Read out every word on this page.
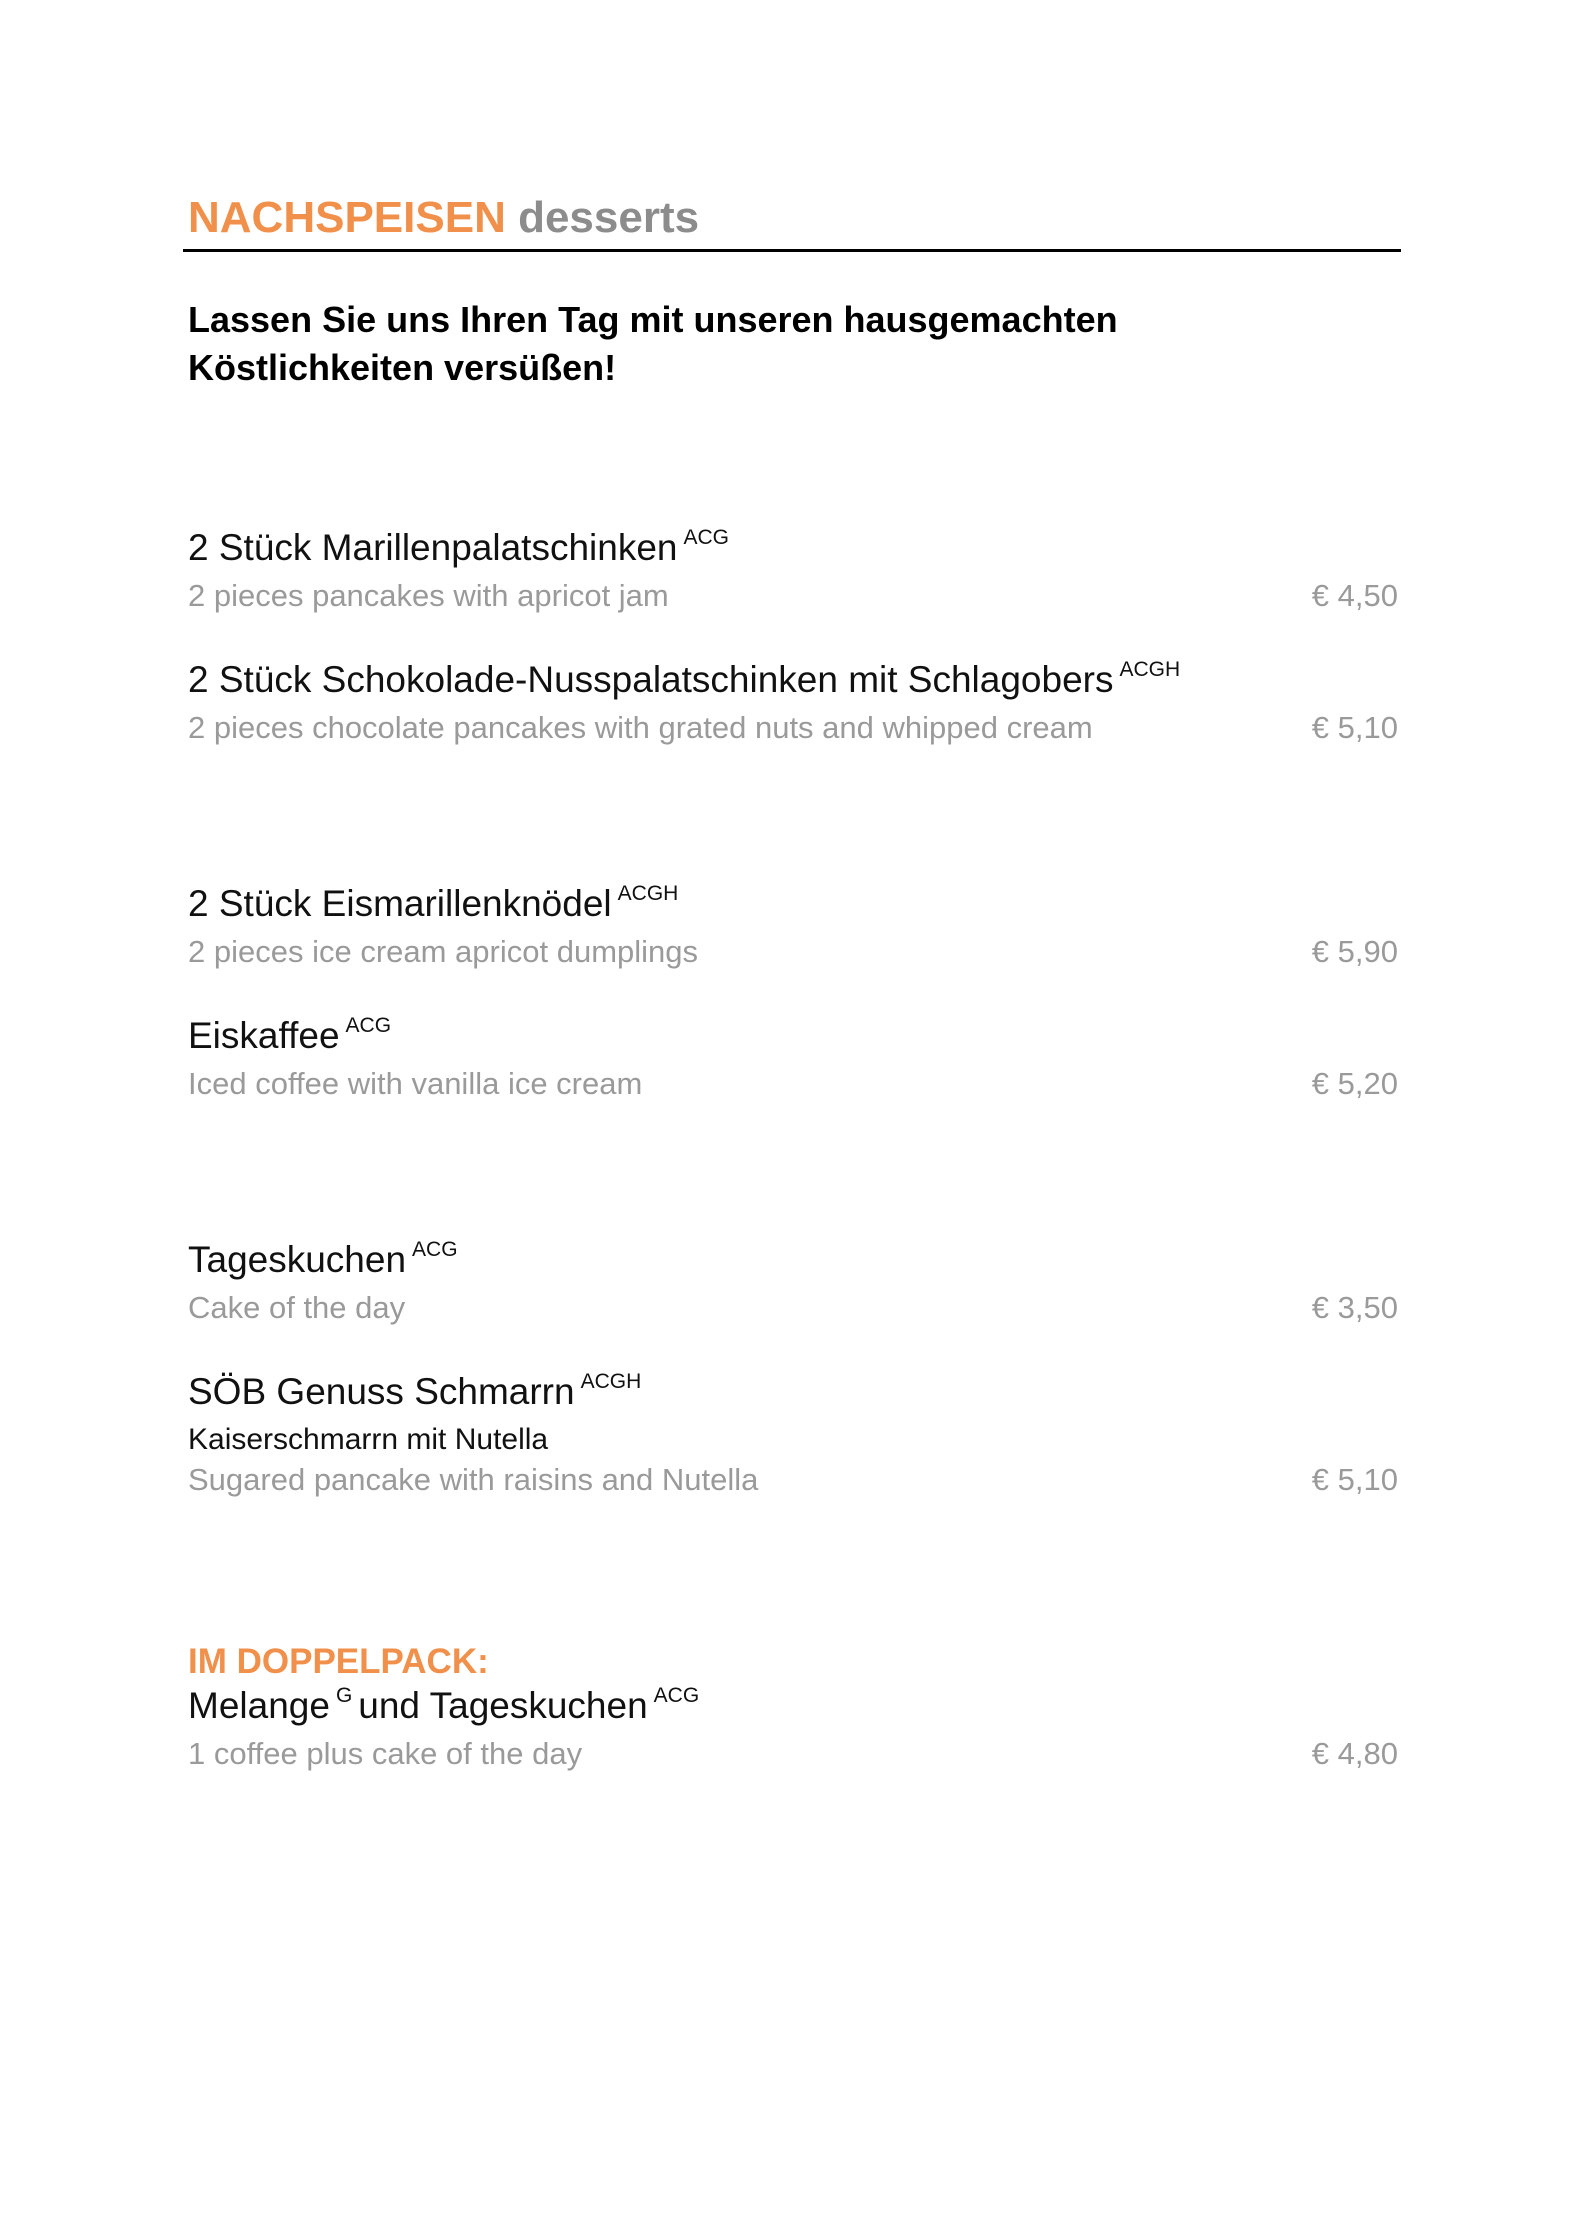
NACHSPEISEN desserts
Lassen Sie uns Ihren Tag mit unseren hausgemachten
Köstlichkeiten versüßen!
2 Stück Marillenpalatschinken $^{ACG}$
2 pieces pancakes with apricot jam	€ 4,50
2 Stück Schokolade-Nusspalatschinken mit Schlagobers $^{ACGH}$
2 pieces chocolate pancakes with grated nuts and whipped cream	€ 5,10
2 Stück Eismarillenknödel $^{ACGH}$
2 pieces ice cream apricot dumplings	€ 5,90
Eiskaffee $^{ACG}$
Iced coffee with vanilla ice cream	€ 5,20
Tageskuchen $^{ACG}$
Cake of the day	€ 3,50
SÖB Genuss Schmarrn $^{ACGH}$
Kaiserschmarrn mit Nutella
Sugared pancake with raisins and Nutella	€ 5,10
IM DOPPELPACK:
Melange $^G$ und Tageskuchen $^{ACG}$
1 coffee plus cake of the day	€ 4,80
